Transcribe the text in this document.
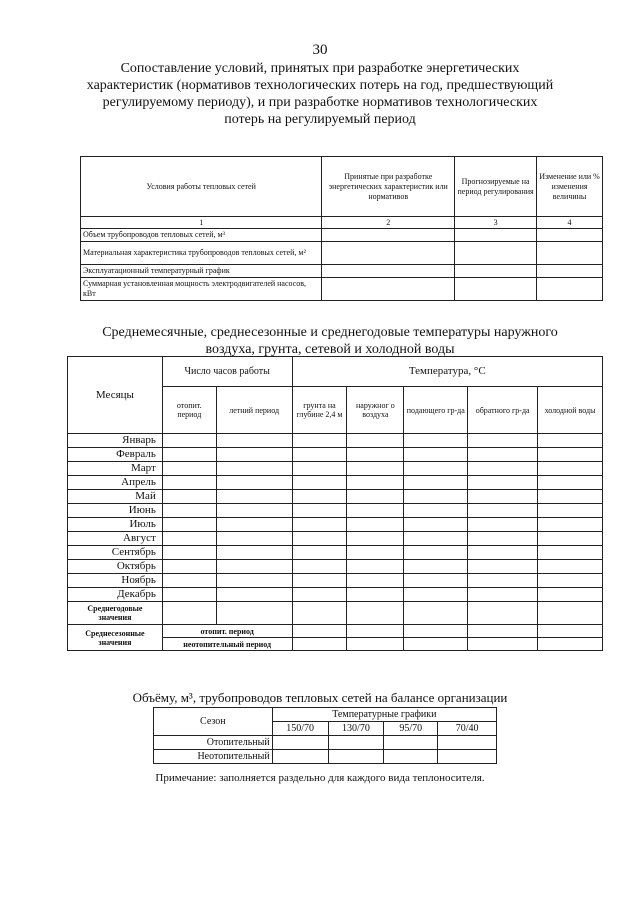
30
Сопоставление условий, принятых при разработке энергетических
характеристик (нормативов технологических потерь на год, предшествующий
регулируемому периоду), и при разработке нормативов технологических
потерь на регулируемый период
Условия работы тепловых сетей	Принятые при разработке энергетических характеристик или нормативов	Прогнозируемые на период регулирования	Изменение или % изменения величины
1	2	3	4
Объем трубопроводов тепловых сетей, м³			
Материальная характеристика трубопроводов тепловых сетей, м²			
Эксплуатационный температурный график			
Суммарная установленная мощность электродвигателей насосов, кВт			
Среднемесячные, среднесезонные и среднегодовые температуры наружного
воздуха, грунта, сетевой и холодной воды
Месяцы	Число часов работы		Температура, °С				
	отопит. период	летний период	грунта на глубине 2,4 м	наружног о воздуха	подающего гр-да	обратного гр-да	холодной воды
Январь							
Февраль							
Март							
Апрель							
Май							
Июнь							
Июль							
Август							
Сентябрь							
Октябрь							
Ноябрь							
Декабрь							
Среднегодовые значения							
Среднесезонные значения	отопит. период						
	неотопительный период						
Объёму, м³, трубопроводов тепловых сетей на балансе организации
Сезон	Температурные графики			
	150/70	130/70	95/70	70/40
Отопительный				
Неотопительный				
Примечание: заполняется раздельно для каждого вида теплоносителя.
